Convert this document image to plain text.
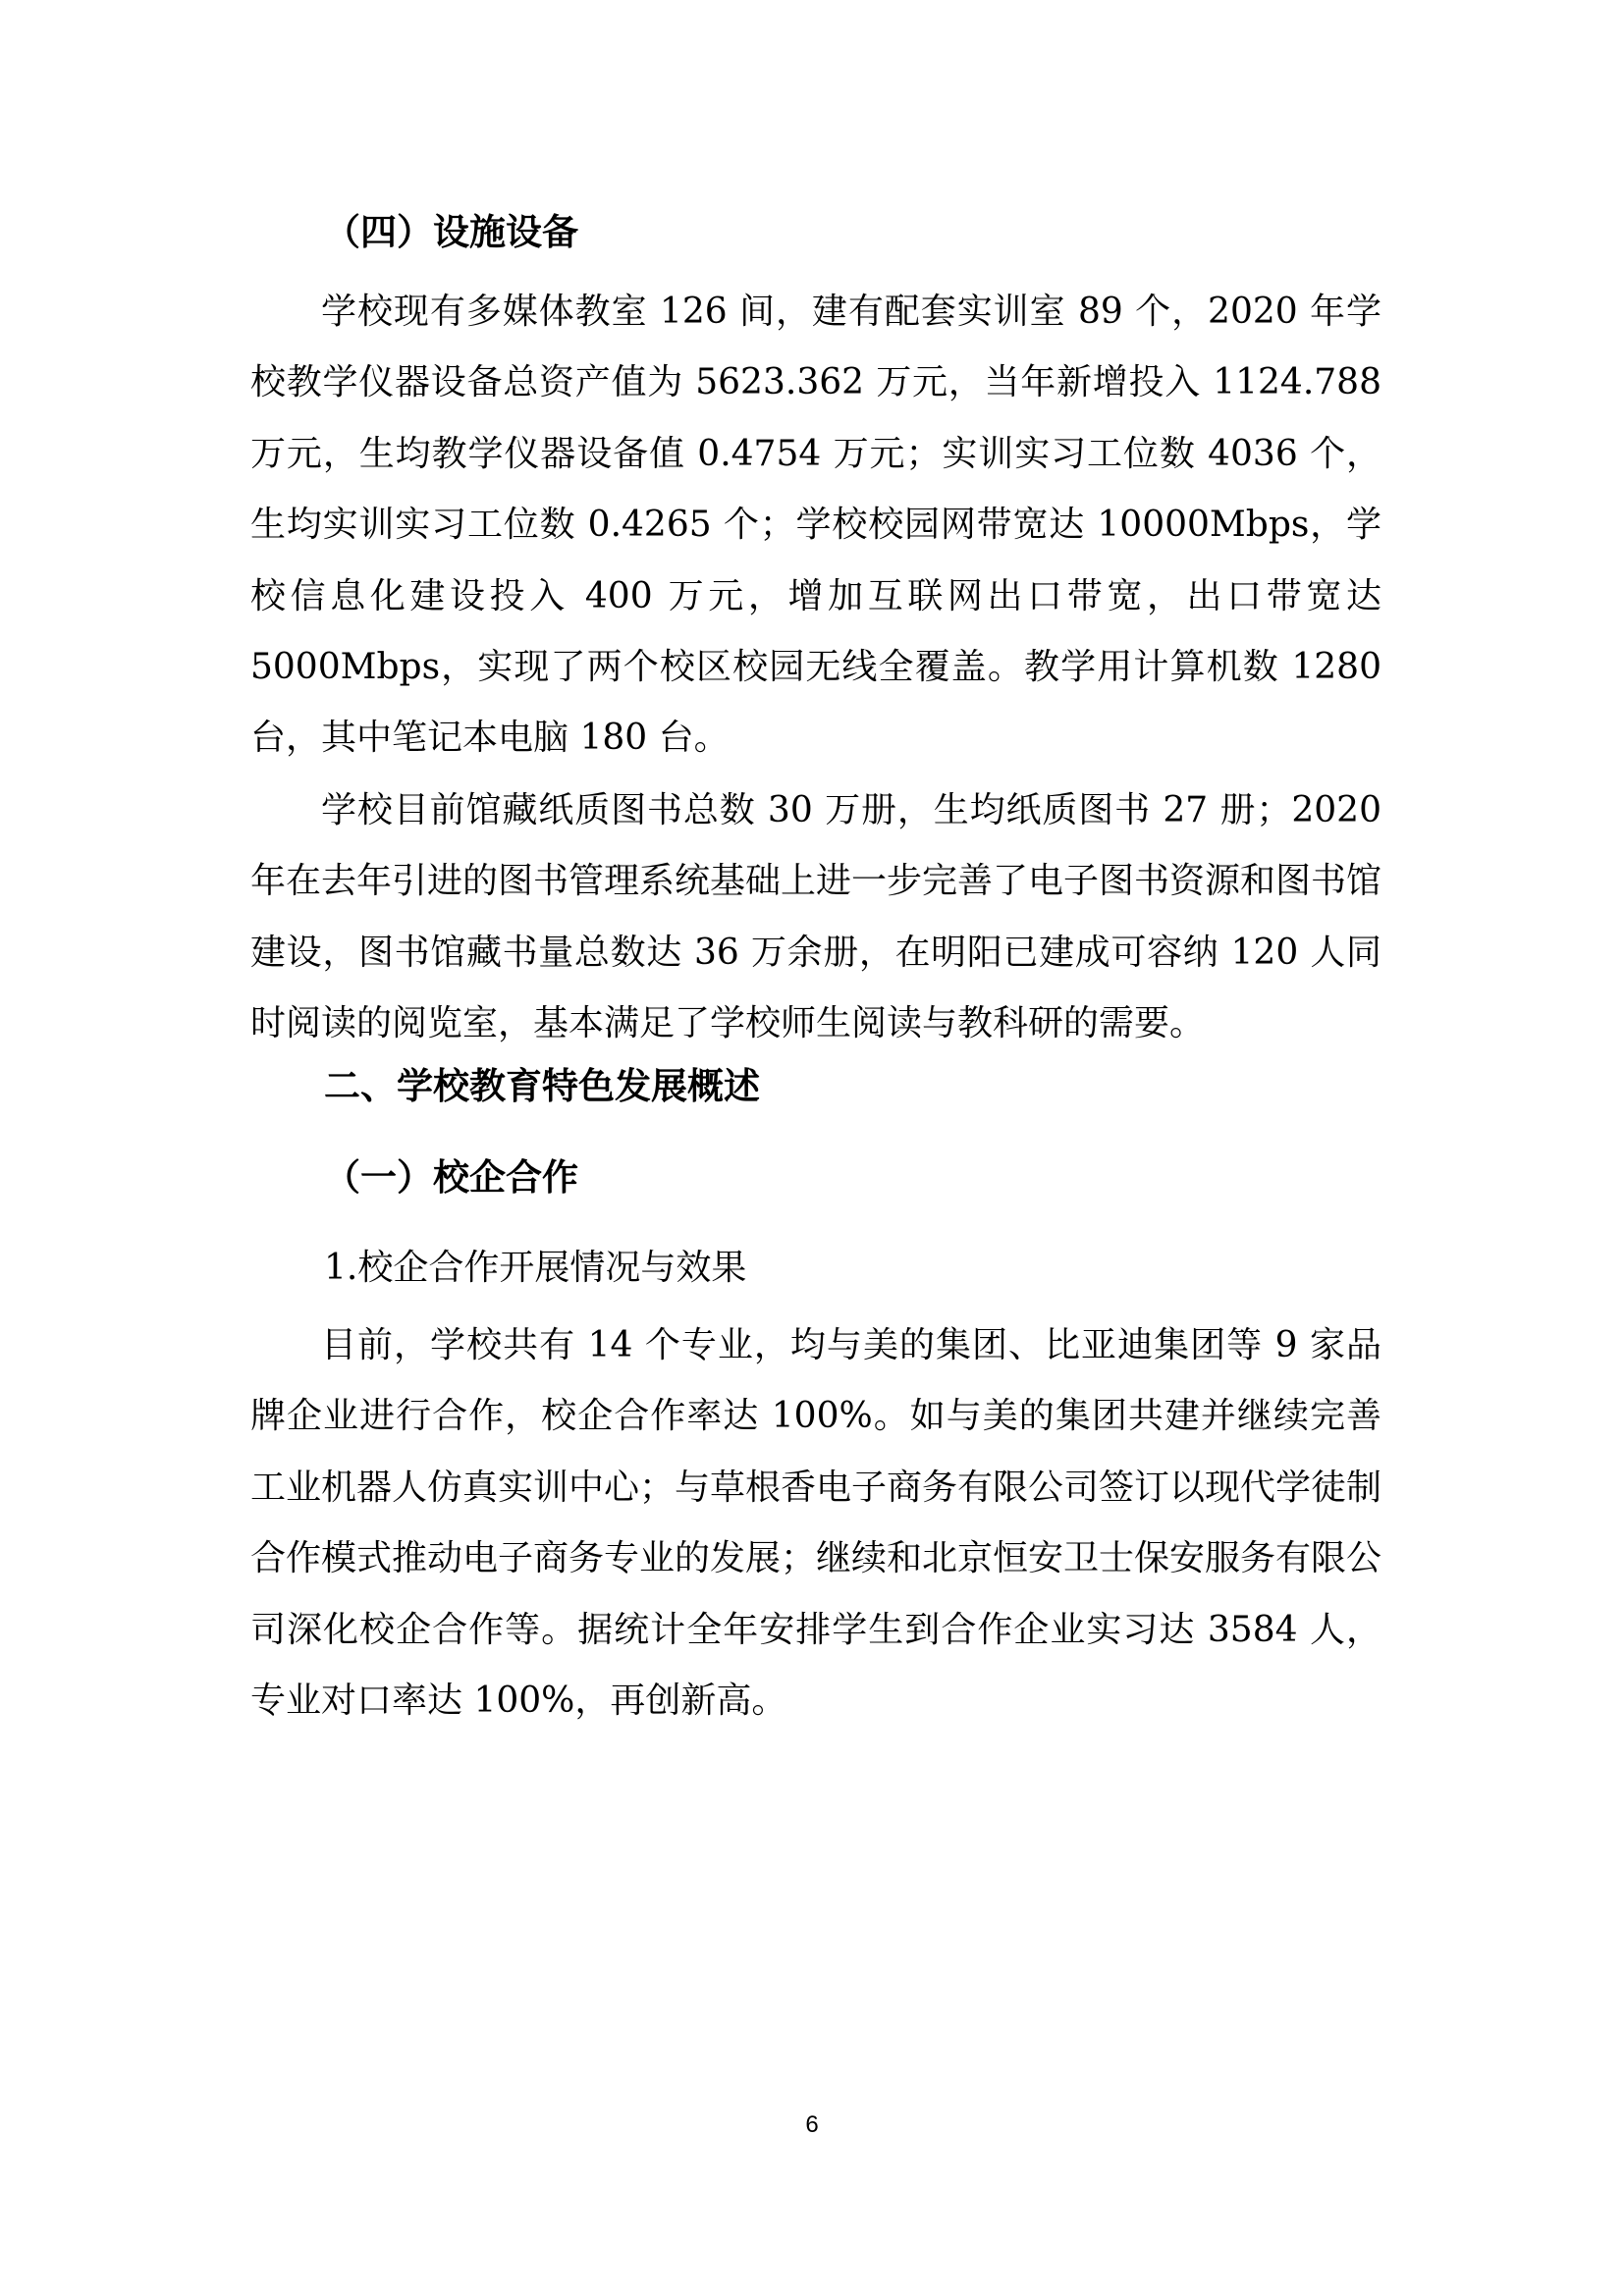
（四）设施设备

学校现有多媒体教室 126 间，建有配套实训室 89 个，2020 年学校教学仪器设备总资产值为 5623.362 万元，当年新增投入 1124.788 万元，生均教学仪器设备值 0.4754 万元；实训实习工位数 4036 个，生均实训实习工位数 0.4265 个；学校校园网带宽达 10000Mbps，学校信息化建设投入 400 万元，增加互联网出口带宽，出口带宽达 5000Mbps，实现了两个校区校园无线全覆盖。教学用计算机数 1280 台，其中笔记本电脑 180 台。

学校目前馆藏纸质图书总数 30 万册，生均纸质图书 27 册；2020 年在去年引进的图书管理系统基础上进一步完善了电子图书资源和图书馆建设，图书馆藏书量总数达 36 万余册，在明阳已建成可容纳 120 人同时阅读的阅览室，基本满足了学校师生阅读与教科研的需要。

二、学校教育特色发展概述
（一）校企合作
1.校企合作开展情况与效果

目前，学校共有 14 个专业，均与美的集团、比亚迪集团等 9 家品牌企业进行合作，校企合作率达 100%。如与美的集团共建并继续完善工业机器人仿真实训中心；与草根香电子商务有限公司签订以现代学徒制合作模式推动电子商务专业的发展；继续和北京恒安卫士保安服务有限公司深化校企合作等。据统计全年安排学生到合作企业实习达 3584 人，专业对口率达 100%，再创新高。

6
